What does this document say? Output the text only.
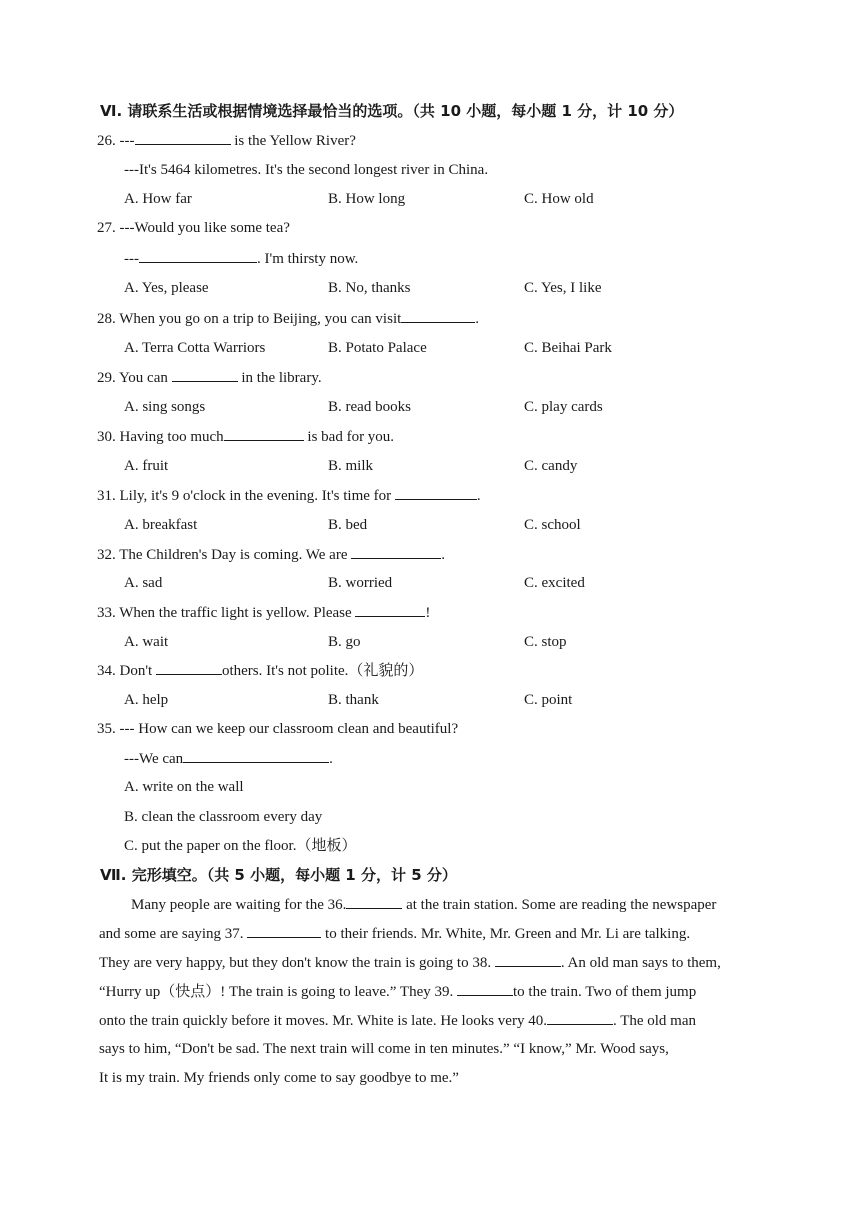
Ⅵ. 请联系生活或根据情境选择最恰当的选项。（共 10 小题，每小题 1 分，计 10 分）
26. ---	is the Yellow River?
---It's 5464 kilometres. It's the second longest river in China.
A. How far	B. How long	C. How old
27. ---Would you like some tea?
---	. I'm thirsty now.
A. Yes, please	B. No, thanks	C. Yes, I like
28. When you go on a trip to Beijing, you can visit	.
A. Terra Cotta Warriors	B. Potato Palace	C. Beihai Park
29. You can	in the library.
A. sing songs	B. read books	C. play cards
30. Having too much	is bad for you.
A. fruit	B. milk	C. candy
31. Lily, it's 9 o'clock in the evening. It's time for	.
A. breakfast	B. bed	C. school
32. The Children's Day is coming. We are	.
A. sad	B. worried	C. excited
33. When the traffic light is yellow. Please	!
A. wait	B. go	C. stop
34. Don't	others. It's not polite.（礼貌的）
A. help	B. thank	C. point
35. --- How can we keep our classroom clean and beautiful?
---We can	.
A. write on the wall
B. clean the classroom every day
C. put the paper on the floor.（地板）
Ⅶ. 完形填空。（共 5 小题，每小题 1 分，计 5 分）
Many people are waiting for the 36.	at the train station. Some are reading the newspaper
and some are saying 37.	to their friends. Mr. White, Mr. Green and Mr. Li are talking.
They are very happy, but they don't know the train is going to 38.	. An old man says to them,
“Hurry up（快点）! The train is going to leave.” They 39.	to the train. Two of them jump
onto the train quickly before it moves. Mr. White is late. He looks very 40.	. The old man
says to him, “Don't be sad. The next train will come in ten minutes.” “I know,” Mr. Wood says,
It is my train. My friends only come to say goodbye to me.”
